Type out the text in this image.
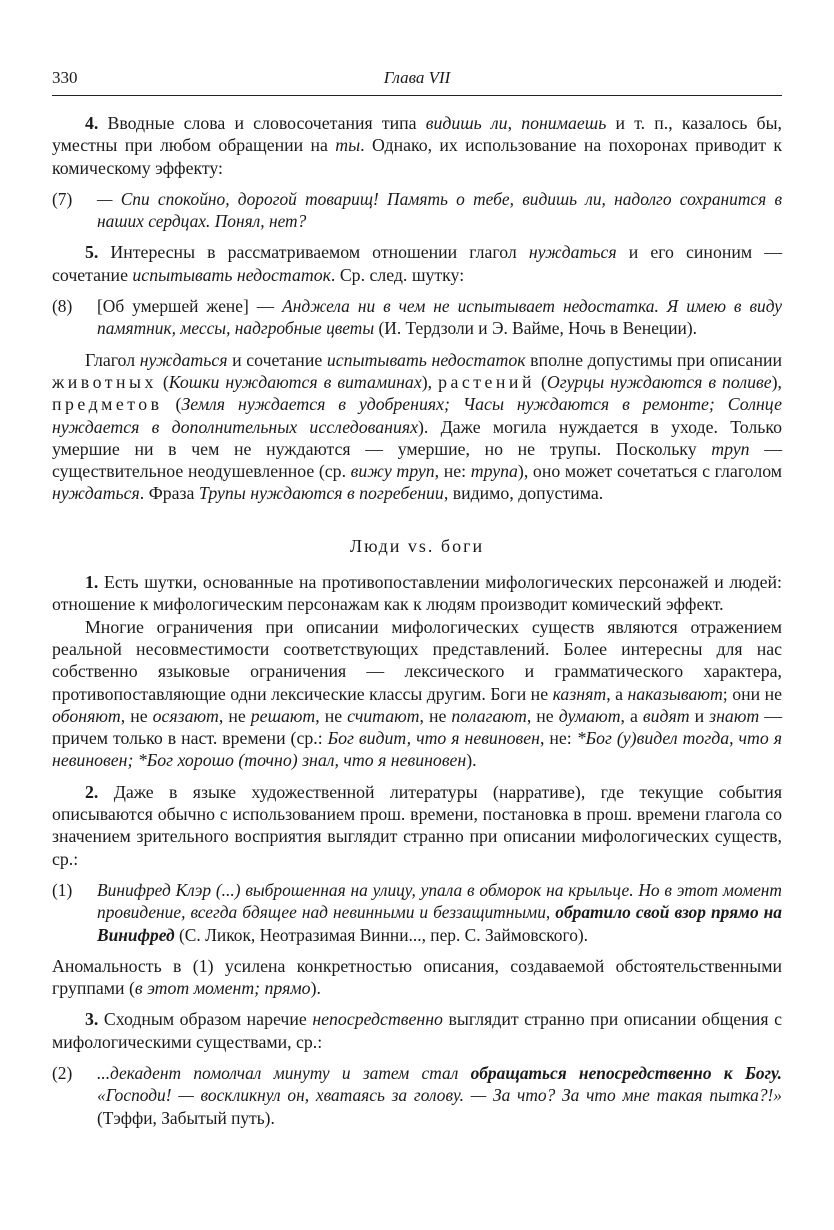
330	Глава VII

4. Вводные слова и словосочетания типа видишь ли, понимаешь и т. п., казалось бы, уместны при любом обращении на ты. Однако, их использование на похоронах приводит к комическому эффекту:

(7) — Спи спокойно, дорогой товарищ! Память о тебе, видишь ли, надолго сохранится в наших сердцах. Понял, нет?

5. Интересны в рассматриваемом отношении глагол нуждаться и его синоним — сочетание испытывать недостаток. Ср. след. шутку:

(8) [Об умершей жене] — Анджела ни в чем не испытывает недостатка. Я имею в виду памятник, мессы, надгробные цветы (И. Тердзоли и Э. Вайме, Ночь в Венеции).

Глагол нуждаться и сочетание испытывать недостаток вполне допустимы при описании животных (Кошки нуждаются в витаминах), растений (Огурцы нуждаются в поливе), предметов (Земля нуждается в удобрениях; Часы нуждаются в ремонте; Солнце нуждается в дополнительных исследованиях). Даже могила нуждается в уходе. Только умершие ни в чем не нуждаются — умершие, но не трупы. Поскольку труп — существительное неодушевленное (ср. вижу труп, не: трупа), оно может сочетаться с глаголом нуждаться. Фраза Трупы нуждаются в погребении, видимо, допустима.

Люди vs. боги

1. Есть шутки, основанные на противопоставлении мифологических персонажей и людей: отношение к мифологическим персонажам как к людям производит комический эффект.

Многие ограничения при описании мифологических существ являются отражением реальной несовместимости соответствующих представлений. Более интересны для нас собственно языковые ограничения — лексического и грамматического характера, противопоставляющие одни лексические классы другим. Боги не казнят, а наказывают; они не обоняют, не осязают, не решают, не считают, не полагают, не думают, а видят и знают — причем только в наст. времени (ср.: Бог видит, что я невиновен, не: *Бог (у)видел тогда, что я невиновен; *Бог хорошо (точно) знал, что я невиновен).

2. Даже в языке художественной литературы (нарративе), где текущие события описываются обычно с использованием прош. времени, постановка в прош. времени глагола со значением зрительного восприятия выглядит странно при описании мифологических существ, ср.:

(1) Винифред Клэр (...) выброшенная на улицу, упала в обморок на крыльце. Но в этот момент провидение, всегда бдящее над невинными и беззащитными, обратило свой взор прямо на Винифред (С. Ликок, Неотразимая Винни..., пер. С. Займовского).

Аномальность в (1) усилена конкретностью описания, создаваемой обстоятельственными группами (в этот момент; прямо).

3. Сходным образом наречие непосредственно выглядит странно при описании общения с мифологическими существами, ср.:

(2) ...декадент помолчал минуту и затем стал обращаться непосредственно к Богу. «Господи! — воскликнул он, хватаясь за голову. — За что? За что мне такая пытка?!» (Тэффи, Забытый путь).
